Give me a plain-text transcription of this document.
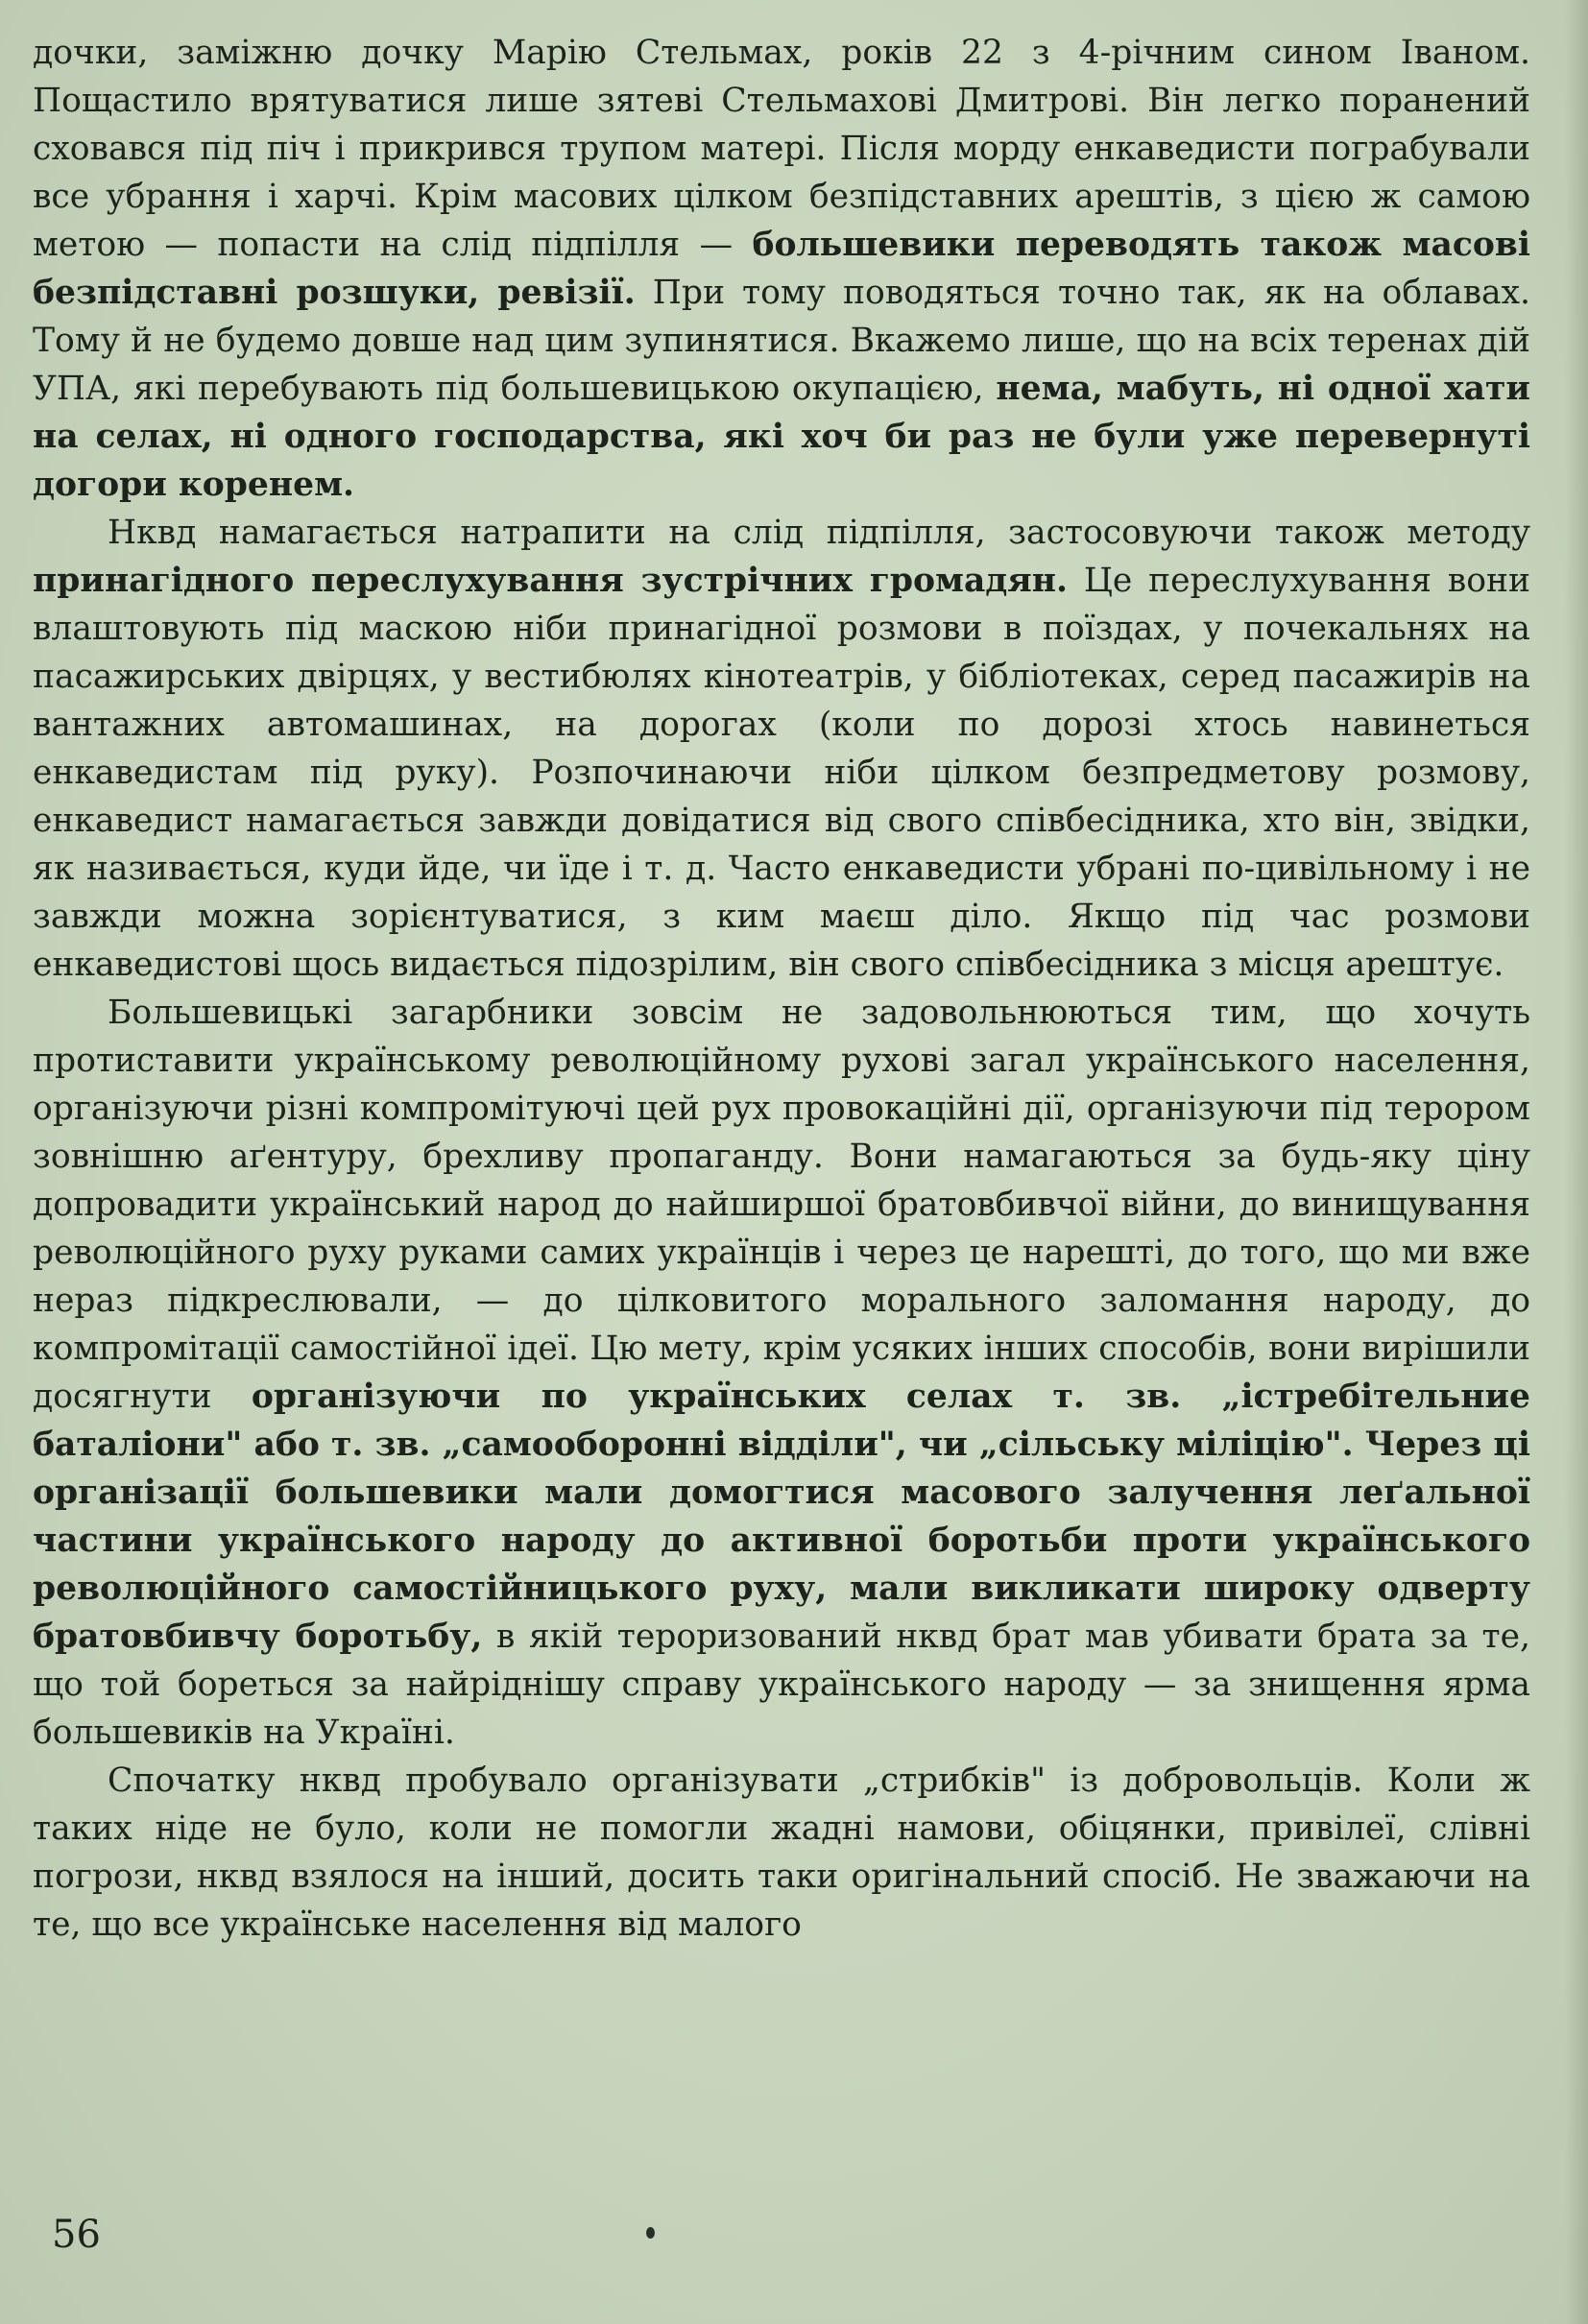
дочки, заміжню дочку Марію Стельмах, років 22 з 4-річним сином Іваном. Пощастило врятуватися лише зятеві Стельмахові Дмитрові. Він легко поранений сховався під піч і прикрився трупом матері. Після морду енкаведисти пограбували все убрання і харчі. Крім масових цілком безпідставних арештів, з цією ж самою метою — попасти на слід підпілля — большевики переводять також масові безпідставні розшуки, ревізії. При тому поводяться точно так, як на облавах. Тому й не будемо довше над цим зупинятися. Вкажемо лише, що на всіх теренах дій УПА, які перебувають під большевицькою окупацією, нема, мабуть, ні одної хати на селах, ні одного господарства, які хоч би раз не були уже перевернуті догори коренем.

Нквд намагається натрапити на слід підпілля, застосовуючи також методу принагідного переслухування зустрічних громадян. Це переслухування вони влаштовують під маскою ніби принагідної розмови в поїздах, у почекальнях на пасажирських двірцях, у вестибюлях кінотеатрів, у бібліотеках, серед пасажирів на вантажних автомашинах, на дорогах (коли по дорозі хтось навинеться енкаведистам під руку). Розпочинаючи ніби цілком безпредметову розмову, енкаведист намагається завжди довідатися від свого співбесідника, хто він, звідки, як називається, куди йде, чи їде і т. д. Часто енкаведисти убрані по-цивільному і не завжди можна зорієнтуватися, з ким маєш діло. Якщо під час розмови енкаведистові щось видається підозрілим, він свого співбесідника з місця арештує.

Большевицькі загарбники зовсім не задовольнюються тим, що хочуть протиставити українському революційному рухові загал українського населення, організуючи різні компромітуючі цей рух провокаційні дії, організуючи під терором зовнішню аґентуру, брехливу пропаганду. Вони намагаються за будь-яку ціну допровадити український народ до найширшої братовбивчої війни, до винищування революційного руху руками самих українців і через це нарешті, до того, що ми вже нераз підкреслювали, — до цілковитого морального заломання народу, до компромітації самостійної ідеї. Цю мету, крім усяких інших способів, вони вирішили досягнути організуючи по українських селах т. зв. „істребітельние баталіони" або т. зв. „самооборонні відділи", чи „сільську міліцію". Через ці організації большевики мали домогтися масового залучення леґальної частини українського народу до активної боротьби проти українського революційного самостійницького руху, мали викликати широку одверту братовбивчу боротьбу, в якій тероризований нквд брат мав убивати брата за те, що той бореться за найріднішу справу українського народу — за знищення ярма большевиків на Україні.

Спочатку нквд пробувало організувати „стрибків" із добровольців. Коли ж таких ніде не було, коли не помогли жадні намови, обіцянки, привілеї, слівні погрози, нквд взялося на інший, досить таки оригінальний спосіб. Не зважаючи на те, що все українське населення від малого

56
